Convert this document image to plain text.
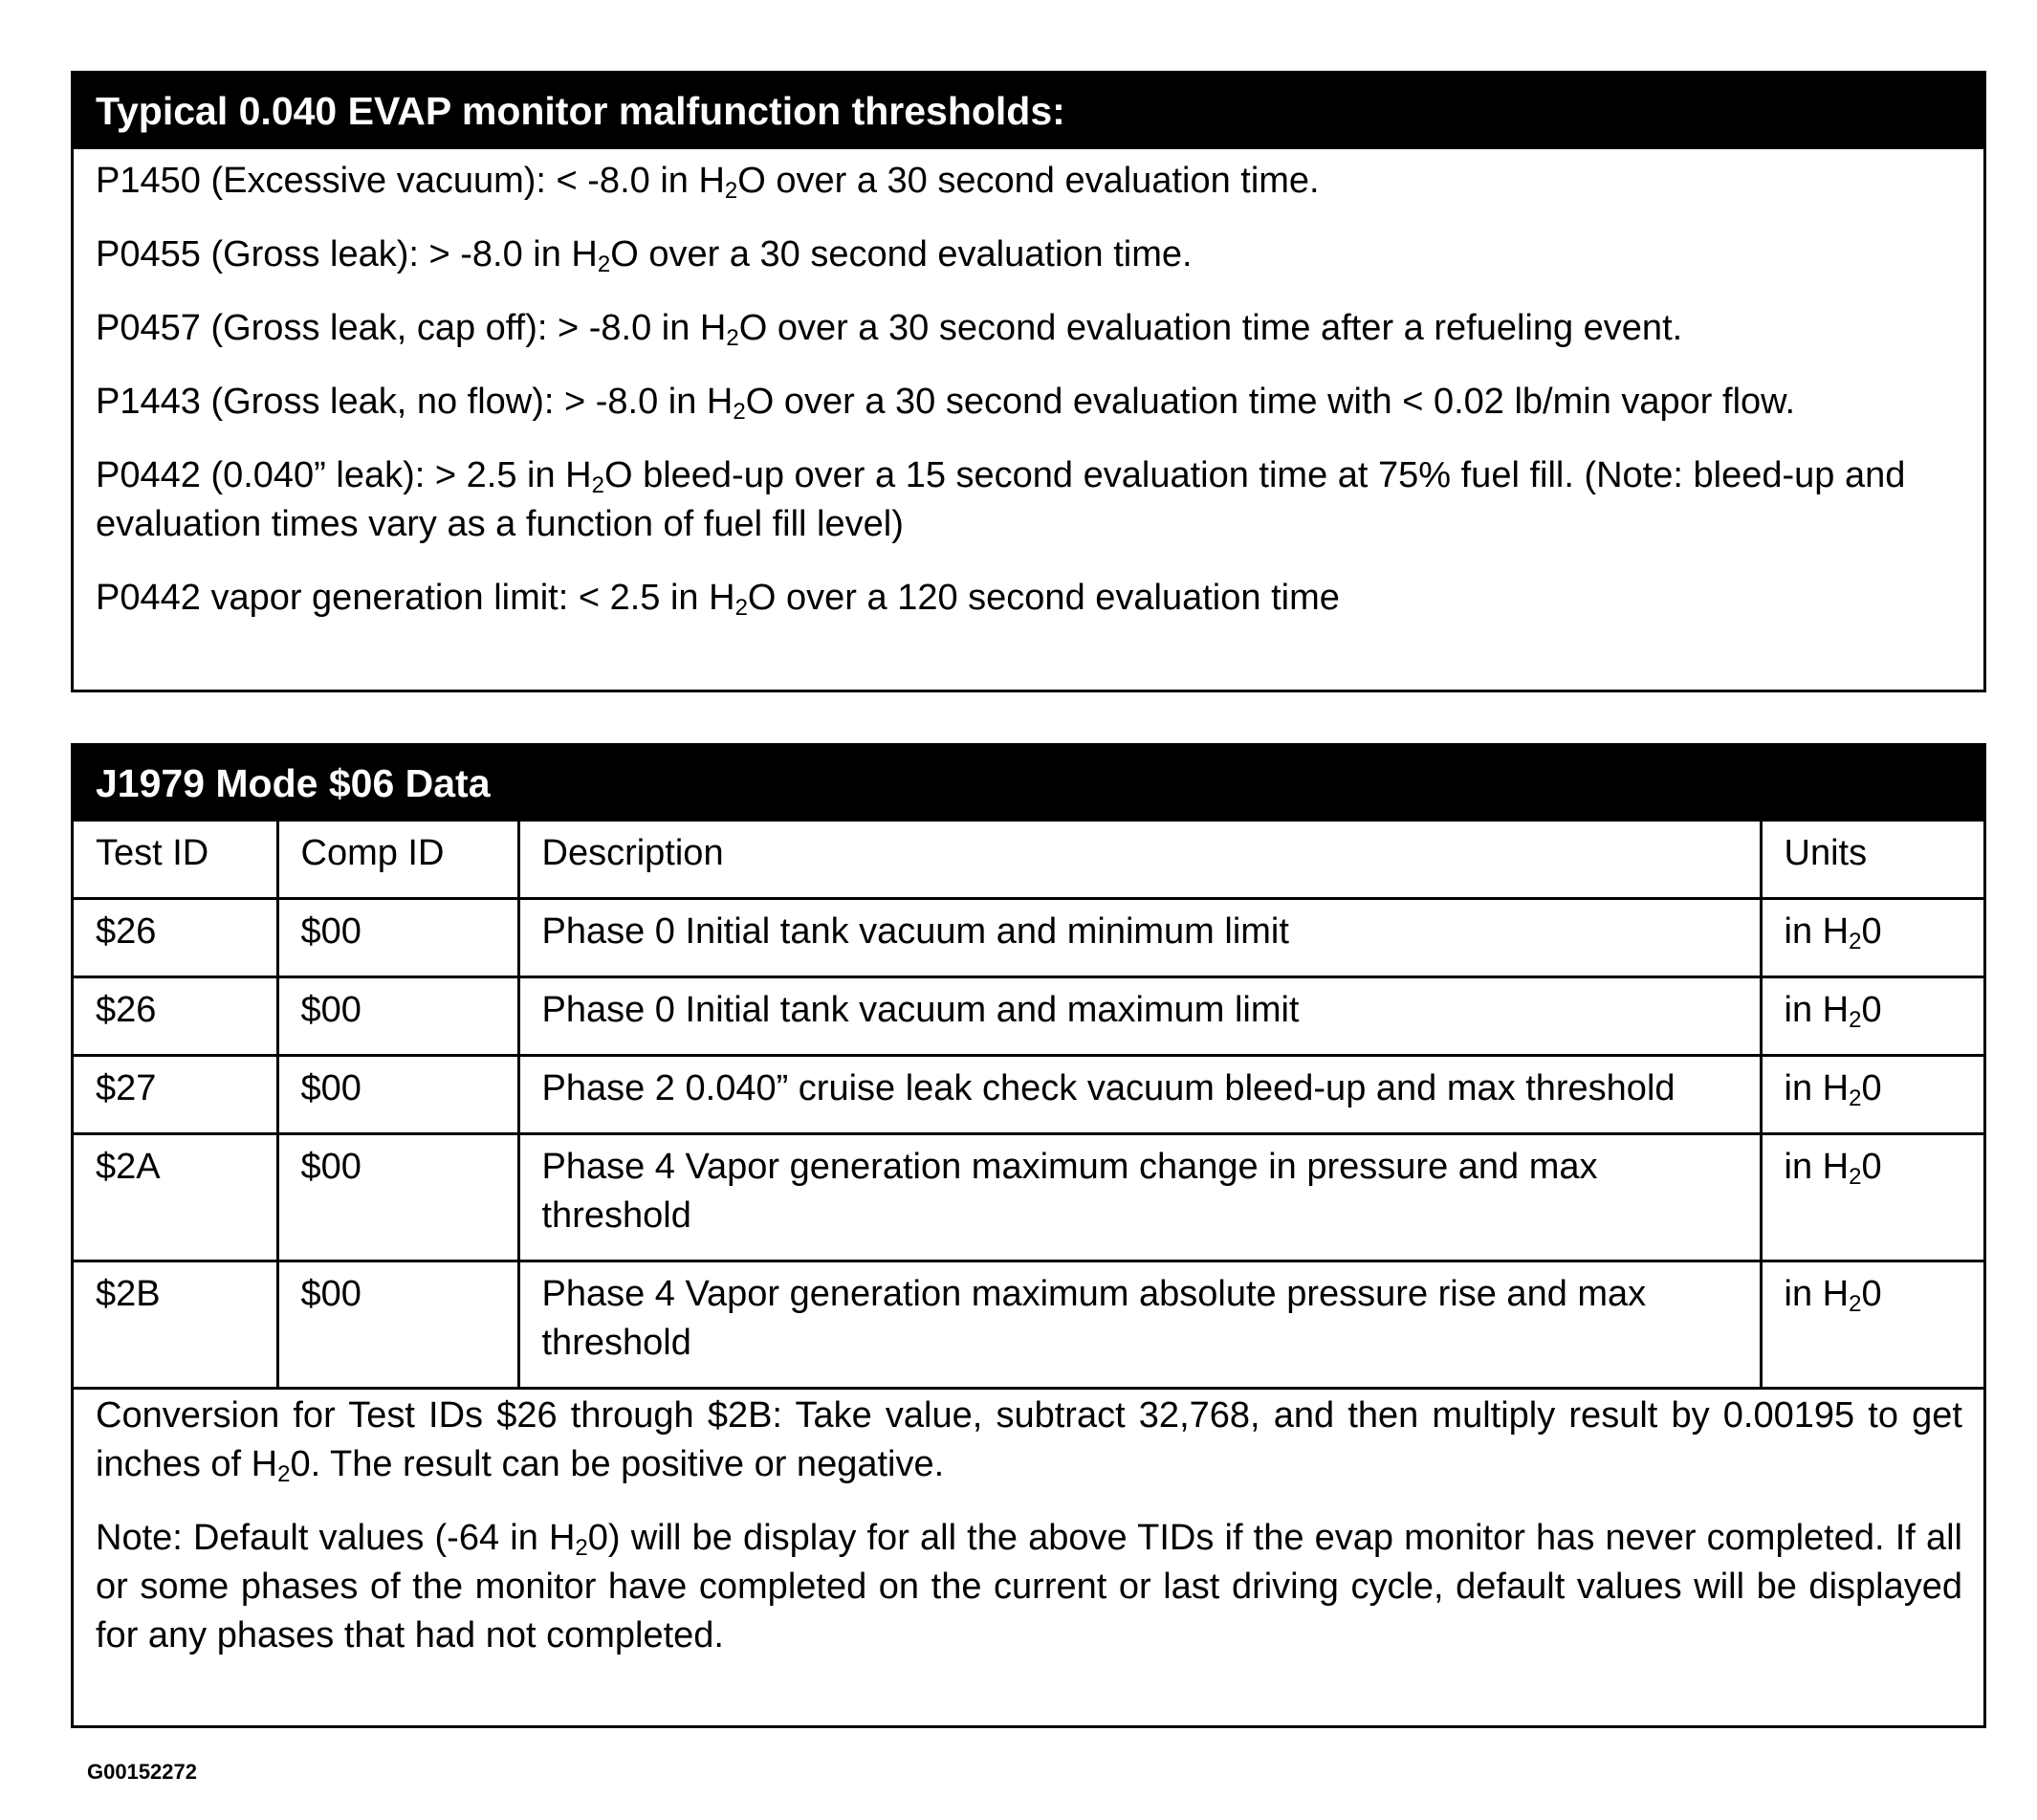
Typical 0.040 EVAP monitor malfunction thresholds:

P1450 (Excessive vacuum): < -8.0 in $H_2O$ over a 30 second evaluation time.

P0455 (Gross leak): > -8.0 in $H_2O$ over a 30 second evaluation time.

P0457 (Gross leak, cap off): > -8.0 in $H_2O$ over a 30 second evaluation time after a refueling event.

P1443 (Gross leak, no flow): > -8.0 in $H_2O$ over a 30 second evaluation time with < 0.02 lb/min vapor flow.

P0442 (0.040” leak): > 2.5 in $H_2O$ bleed-up over a 15 second evaluation time at 75% fuel fill. (Note: bleed-up and evaluation times vary as a function of fuel fill level)

P0442 vapor generation limit: < 2.5 in $H_2O$ over a 120 second evaluation time

J1979 Mode $06 Data
Test ID	Comp ID	Description	Units
$26	$00	Phase 0 Initial tank vacuum and minimum limit	in $H_20$
$26	$00	Phase 0 Initial tank vacuum and maximum limit	in $H_20$
$27	$00	Phase 2 0.040” cruise leak check vacuum bleed-up and max threshold	in $H_20$
$2A	$00	Phase 4 Vapor generation maximum change in pressure and max threshold	in $H_20$
$2B	$00	Phase 4 Vapor generation maximum absolute pressure rise and max threshold	in $H_20$

Conversion for Test IDs $26 through $2B: Take value, subtract 32,768, and then multiply result by 0.00195 to get inches of $H_20$. The result can be positive or negative.

Note: Default values (-64 in $H_20$) will be display for all the above TIDs if the evap monitor has never completed. If all or some phases of the monitor have completed on the current or last driving cycle, default values will be displayed for any phases that had not completed.

G00152272
